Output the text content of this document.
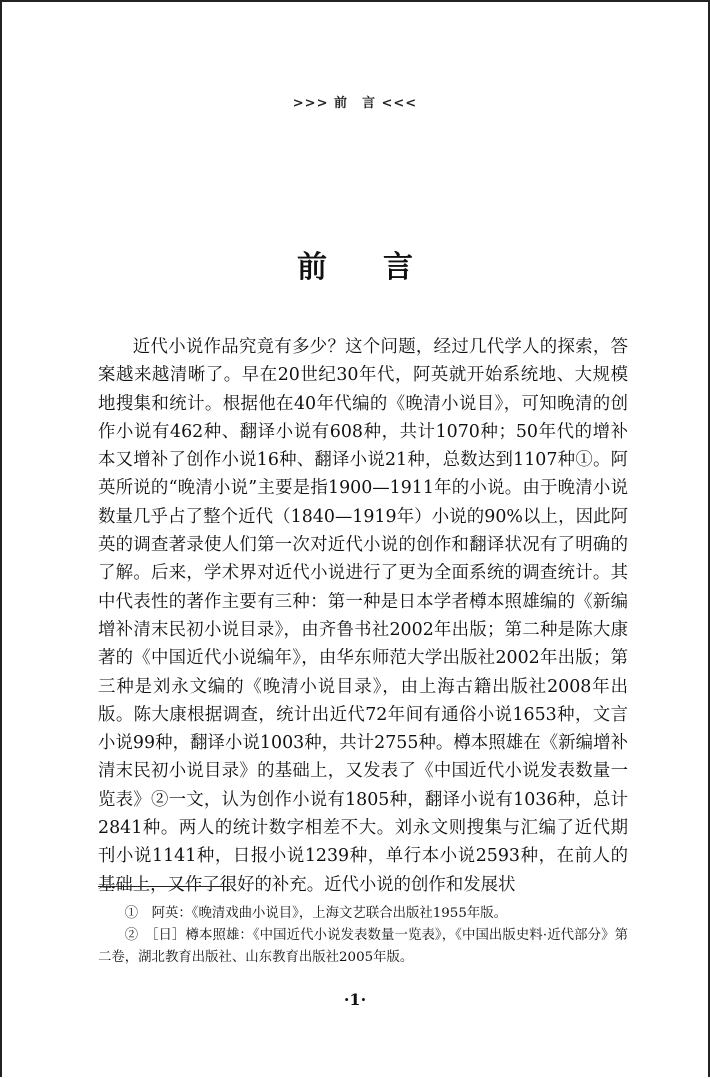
>>> 前　言 <<<
前言

近代小说作品究竟有多少？这个问题，经过几代学人的探索，答案越来越清晰了。早在20世纪30年代，阿英就开始系统地、大规模地搜集和统计。根据他在40年代编的《晚清小说目》，可知晚清的创作小说有462种、翻译小说有608种，共计1070种；50年代的增补本又增补了创作小说16种、翻译小说21种，总数达到1107种①。阿英所说的“晚清小说”主要是指1900—1911年的小说。由于晚清小说数量几乎占了整个近代（1840—1919年）小说的90%以上，因此阿英的调查著录使人们第一次对近代小说的创作和翻译状况有了明确的了解。后来，学术界对近代小说进行了更为全面系统的调查统计。其中代表性的著作主要有三种：第一种是日本学者樽本照雄编的《新编增补清末民初小说目录》，由齐鲁书社2002年出版；第二种是陈大康著的《中国近代小说编年》，由华东师范大学出版社2002年出版；第三种是刘永文编的《晚清小说目录》，由上海古籍出版社2008年出版。陈大康根据调查，统计出近代72年间有通俗小说1653种，文言小说99种，翻译小说1003种，共计2755种。樽本照雄在《新编增补清末民初小说目录》的基础上，又发表了《中国近代小说发表数量一览表》②一文，认为创作小说有1805种，翻译小说有1036种，总计2841种。两人的统计数字相差不大。刘永文则搜集与汇编了近代期刊小说1141种，日报小说1239种，单行本小说2593种，在前人的基础上，又作了很好的补充。近代小说的创作和发展状

①　阿英：《晚清戏曲小说目》，上海文艺联合出版社1955年版。

②　［日］樽本照雄：《中国近代小说发表数量一览表》，《中国出版史料·近代部分》第二卷，湖北教育出版社、山东教育出版社2005年版。

·1·
